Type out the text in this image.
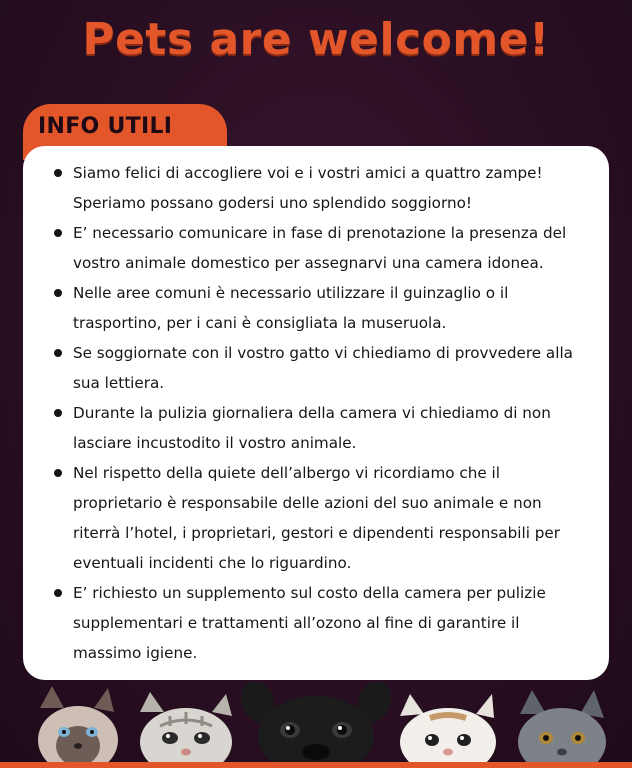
Pets are welcome!
INFO UTILI
Siamo felici di accogliere voi e i vostri amici a quattro zampe! Speriamo possano godersi uno splendido soggiorno!
E’ necessario comunicare in fase di prenotazione la presenza del vostro animale domestico per assegnarvi una camera idonea.
Nelle aree comuni è necessario utilizzare il guinzaglio o il trasportino, per i cani è consigliata la museruola.
Se soggiornate con il vostro gatto vi chiediamo di provvedere alla sua lettiera.
Durante la pulizia giornaliera della camera vi chiediamo di non lasciare incustodito il vostro animale.
Nel rispetto della quiete dell’albergo vi ricordiamo che il proprietario è responsabile delle azioni del suo animale e non riterrà l’hotel, i proprietari, gestori e dipendenti responsabili per eventuali incidenti che lo riguardino.
E’ richiesto un supplemento sul costo della camera per pulizie supplementari e trattamenti all’ozono al fine di garantire il massimo igiene.
